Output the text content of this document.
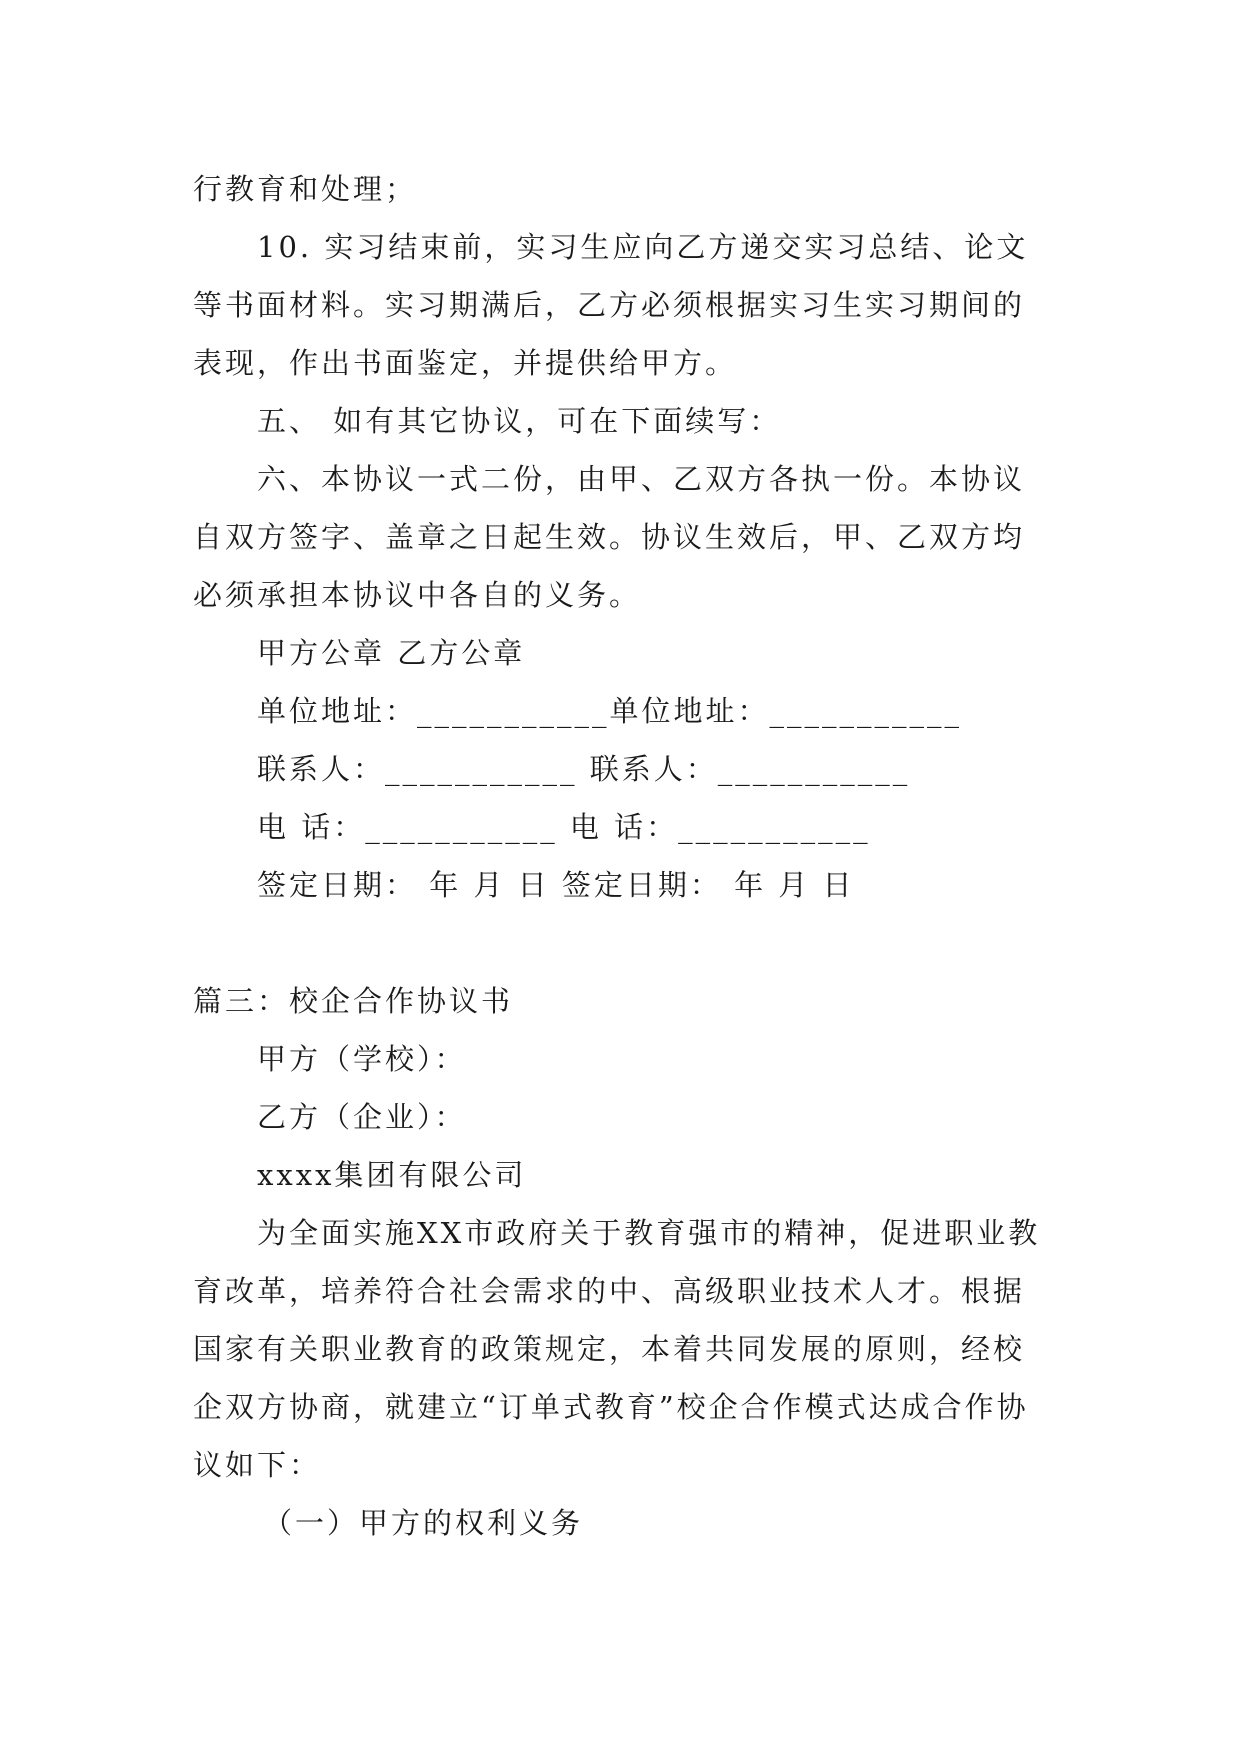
行教育和处理；

10. 实习结束前，实习生应向乙方递交实习总结、论文等书面材料。实习期满后，乙方必须根据实习生实习期间的表现，作出书面鉴定，并提供给甲方。

五、 如有其它协议，可在下面续写：

六、本协议一式二份，由甲、乙双方各执一份。本协议自双方签字、盖章之日起生效。协议生效后，甲、乙双方均必须承担本协议中各自的义务。

甲方公章 乙方公章

单位地址：___________单位地址：___________

联系人：___________ 联系人：___________

电 话：___________ 电 话：___________

签定日期： 年 月 日 签定日期： 年 月 日

篇三：校企合作协议书

甲方（学校）：

乙方（企业）：

xxxx集团有限公司

为全面实施XX市政府关于教育强市的精神，促进职业教育改革，培养符合社会需求的中、高级职业技术人才。根据国家有关职业教育的政策规定，本着共同发展的原则，经校企双方协商，就建立“订单式教育”校企合作模式达成合作协议如下：

（一）甲方的权利义务
